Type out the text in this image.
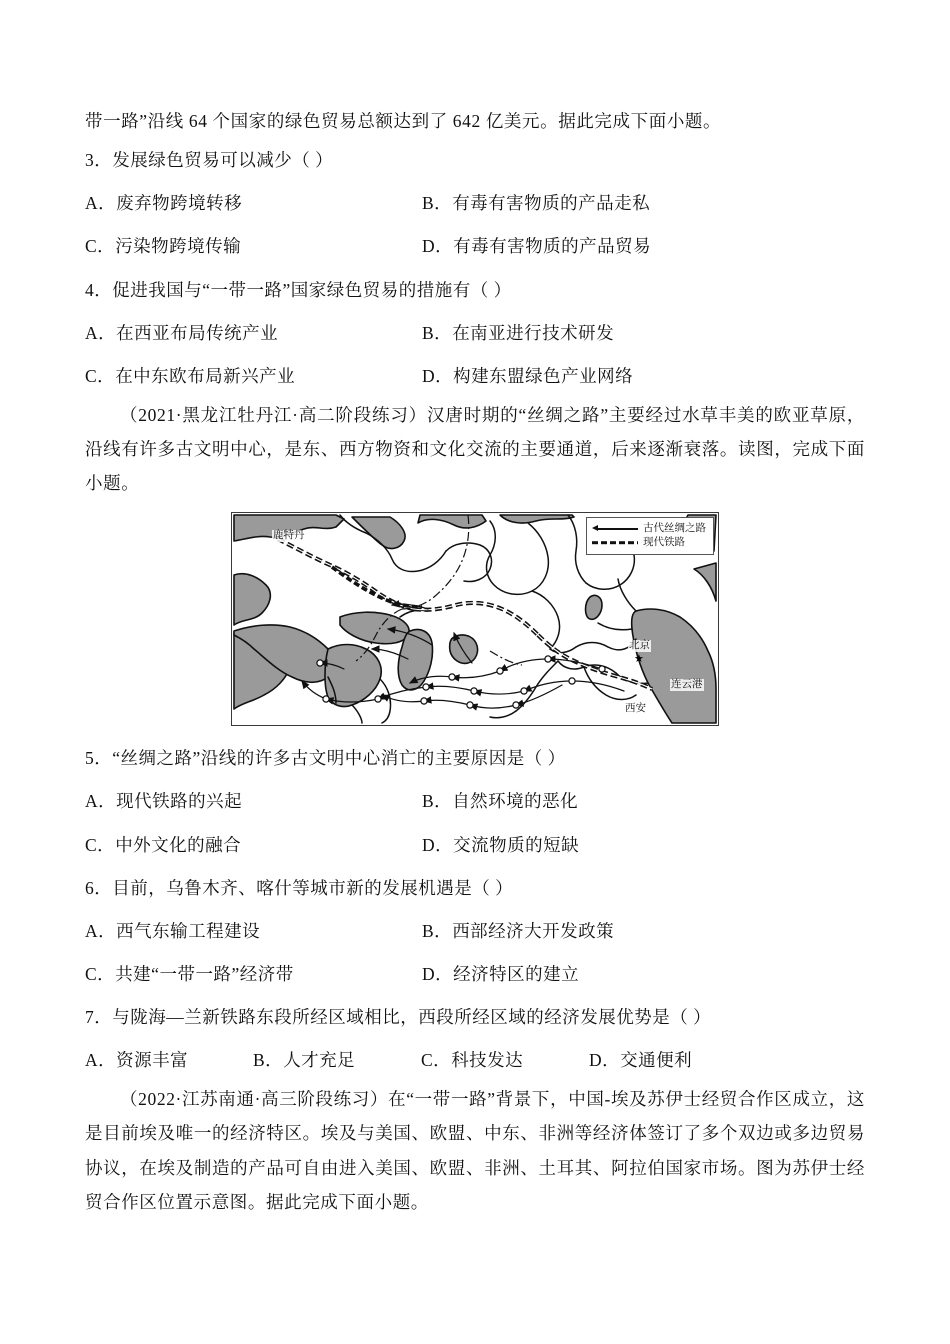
带一路”沿线 64 个国家的绿色贸易总额达到了 642 亿美元。据此完成下面小题。
3．发展绿色贸易可以减少（ ）
A．废弃物跨境转移	B．有毒有害物质的产品走私
C．污染物跨境传输	D．有毒有害物质的产品贸易
4．促进我国与“一带一路”国家绿色贸易的措施有（ ）
A．在西亚布局传统产业	B．在南亚进行技术研发
C．在中东欧布局新兴产业	D．构建东盟绿色产业网络
（2021·黑龙江牡丹江·高二阶段练习）汉唐时期的“丝绸之路”主要经过水草丰美的欧亚草原，沿线有许多古文明中心，是东、西方物资和文化交流的主要通道，后来逐渐衰落。读图，完成下面小题。
古代丝绸之路
现代铁路
鹿特丹
北京
★
连云港
西安
5．“丝绸之路”沿线的许多古文明中心消亡的主要原因是（ ）
A．现代铁路的兴起	B．自然环境的恶化
C．中外文化的融合	D．交流物质的短缺
6．目前，乌鲁木齐、喀什等城市新的发展机遇是（ ）
A．西气东输工程建设	B．西部经济大开发政策
C．共建“一带一路”经济带	D．经济特区的建立
7．与陇海—兰新铁路东段所经区域相比，西段所经区域的经济发展优势是（ ）
A．资源丰富	B．人才充足	C．科技发达	D．交通便利
（2022·江苏南通·高三阶段练习）在“一带一路”背景下，中国-埃及苏伊士经贸合作区成立，这是目前埃及唯一的经济特区。埃及与美国、欧盟、中东、非洲等经济体签订了多个双边或多边贸易协议，在埃及制造的产品可自由进入美国、欧盟、非洲、土耳其、阿拉伯国家市场。图为苏伊士经贸合作区位置示意图。据此完成下面小题。
